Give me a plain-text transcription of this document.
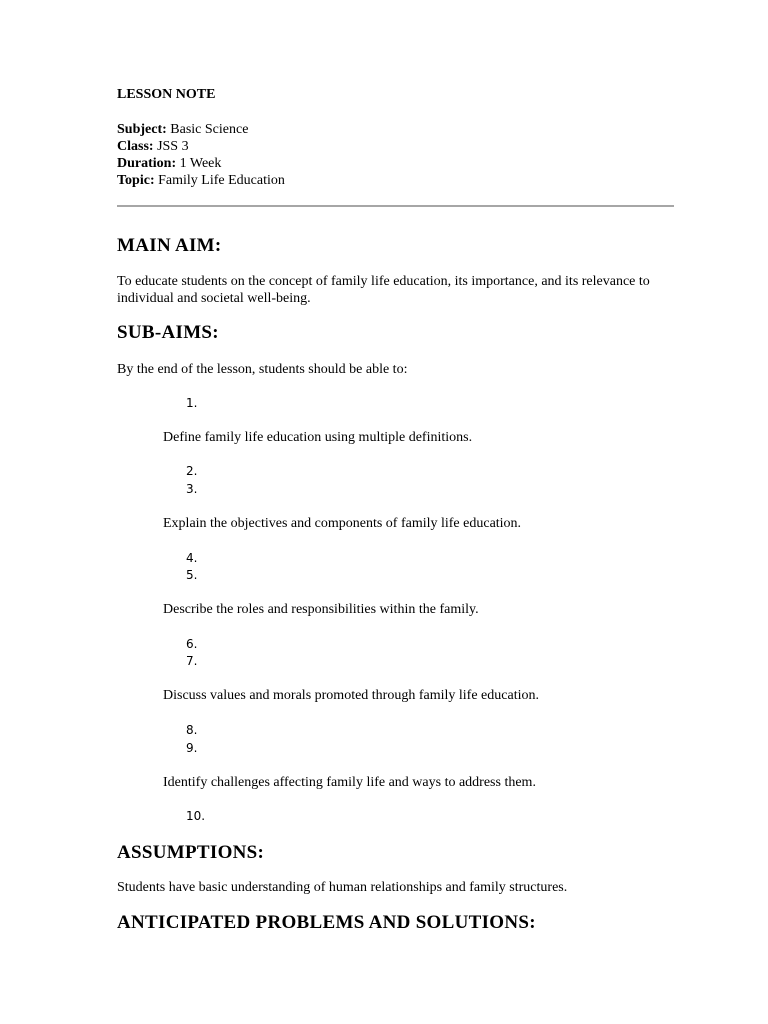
LESSON NOTE
Subject: Basic Science
Class: JSS 3
Duration: 1 Week
Topic: Family Life Education
MAIN AIM:
To educate students on the concept of family life education, its importance, and its relevance to individual and societal well-being.
SUB-AIMS:
By the end of the lesson, students should be able to:
1.
Define family life education using multiple definitions.
2.
3.
Explain the objectives and components of family life education.
4.
5.
Describe the roles and responsibilities within the family.
6.
7.
Discuss values and morals promoted through family life education.
8.
9.
Identify challenges affecting family life and ways to address them.
10.
ASSUMPTIONS:
Students have basic understanding of human relationships and family structures.
ANTICIPATED PROBLEMS AND SOLUTIONS:
